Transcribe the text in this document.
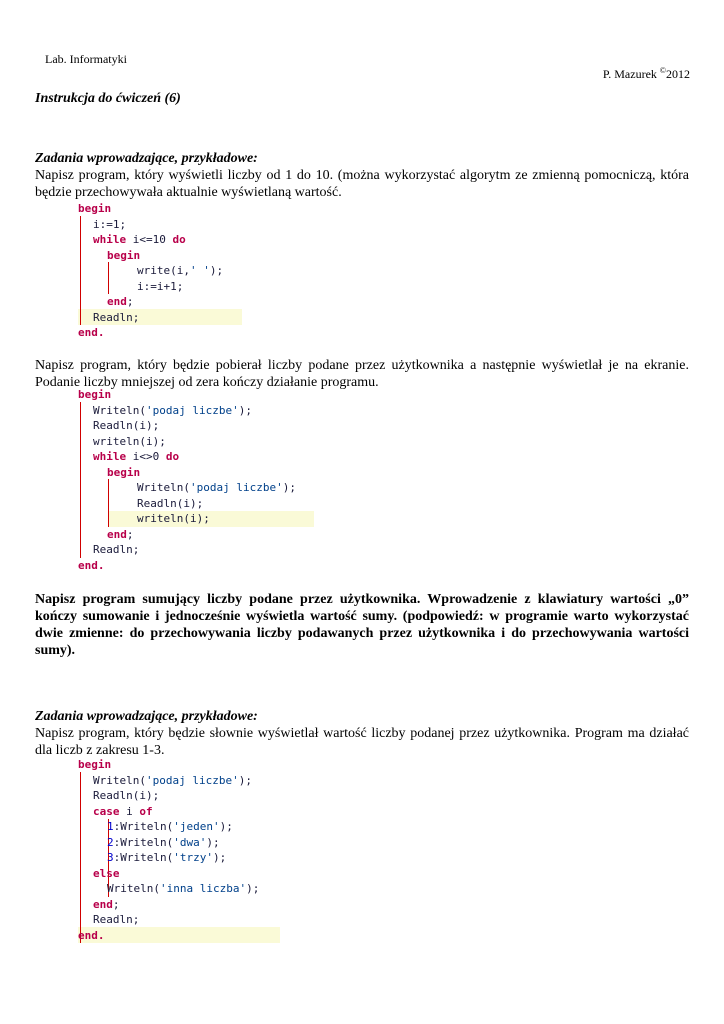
Lab. Informatyki
P. Mazurek ©2012
Instrukcja do ćwiczeń (6)
Zadania wprowadzające, przykładowe:
Napisz program, który wyświetli liczby od 1 do 10. (można wykorzystać algorytm ze zmienną pomocniczą, która będzie przechowywała aktualnie wyświetlaną wartość.
begin
i:=1;
while i<=10 do
begin
write(i,' ');
i:=i+1;
end;
Readln;
end.
Napisz program, który będzie pobierał liczby podane przez użytkownika a następnie wyświetlał je na ekranie. Podanie liczby mniejszej od zera kończy działanie programu.
begin
Writeln('podaj liczbe');
Readln(i);
writeln(i);
while i<>0 do
begin
Writeln('podaj liczbe');
Readln(i);
writeln(i);
end;
Readln;
end.
Napisz program sumujący liczby podane przez użytkownika. Wprowadzenie z klawiatury wartości „0” kończy sumowanie i jednocześnie wyświetla wartość sumy. (podpowiedź: w programie warto wykorzystać dwie zmienne: do przechowywania liczby podawanych przez użytkownika i do przechowywania wartości sumy).
Zadania wprowadzające, przykładowe:
Napisz program, który będzie słownie wyświetlał wartość liczby podanej przez użytkownika. Program ma działać dla liczb z zakresu 1-3.
begin
Writeln('podaj liczbe');
Readln(i);
case i of
1:Writeln('jeden');
2:Writeln('dwa');
3:Writeln('trzy');
else
Writeln('inna liczba');
end;
Readln;
end.
